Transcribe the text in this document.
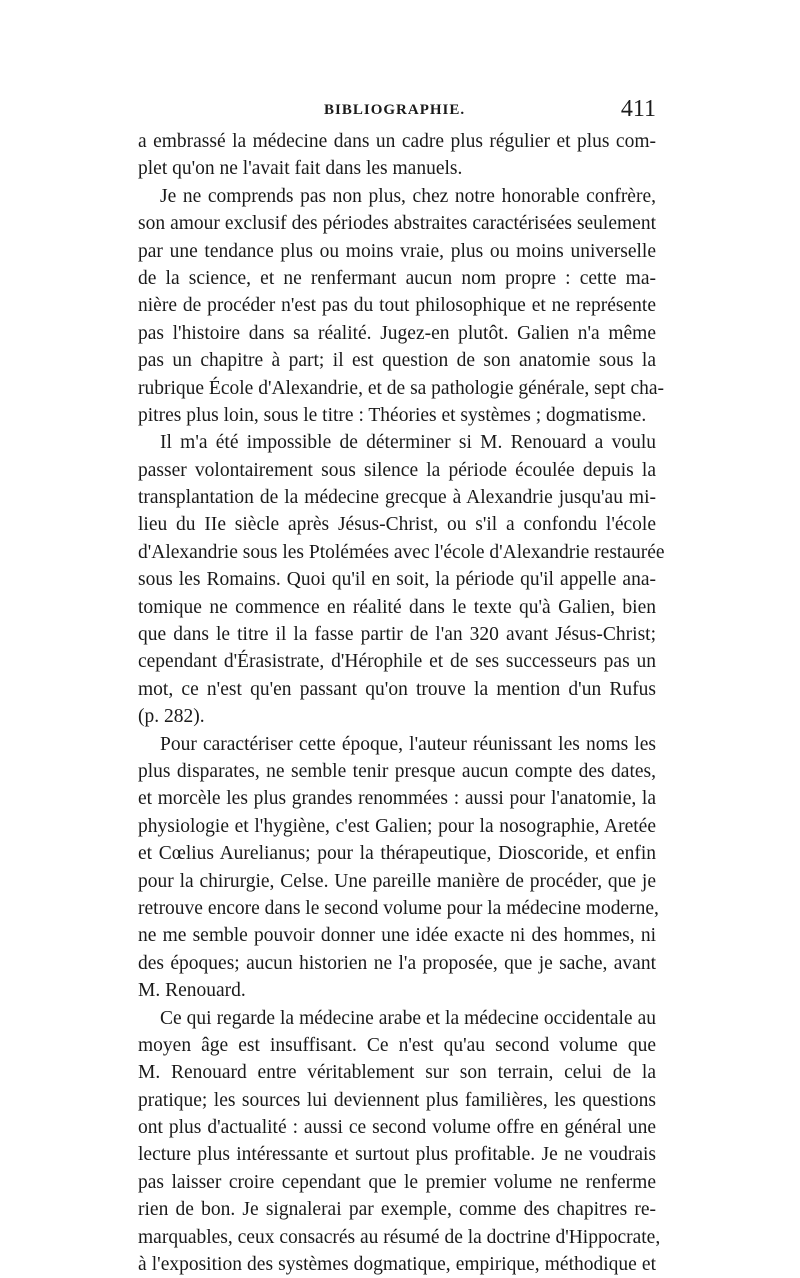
BIBLIOGRAPHIE.	411
a embrassé la médecine dans un cadre plus régulier et plus com-
plet qu'on ne l'avait fait dans les manuels.
Je ne comprends pas non plus, chez notre honorable confrère,
son amour exclusif des périodes abstraites caractérisées seulement
par une tendance plus ou moins vraie, plus ou moins universelle
de la science, et ne renfermant aucun nom propre : cette ma-
nière de procéder n'est pas du tout philosophique et ne représente
pas l'histoire dans sa réalité. Jugez-en plutôt. Galien n'a même
pas un chapitre à part; il est question de son anatomie sous la
rubrique École d'Alexandrie, et de sa pathologie générale, sept cha-
pitres plus loin, sous le titre : Théories et systèmes ; dogmatisme.
Il m'a été impossible de déterminer si M. Renouard a voulu
passer volontairement sous silence la période écoulée depuis la
transplantation de la médecine grecque à Alexandrie jusqu'au mi-
lieu du IIe siècle après Jésus-Christ, ou s'il a confondu l'école
d'Alexandrie sous les Ptolémées avec l'école d'Alexandrie restaurée
sous les Romains. Quoi qu'il en soit, la période qu'il appelle ana-
tomique ne commence en réalité dans le texte qu'à Galien, bien
que dans le titre il la fasse partir de l'an 320 avant Jésus-Christ;
cependant d'Érasistrate, d'Hérophile et de ses successeurs pas un
mot, ce n'est qu'en passant qu'on trouve la mention d'un Rufus
(p. 282).
Pour caractériser cette époque, l'auteur réunissant les noms les
plus disparates, ne semble tenir presque aucun compte des dates,
et morcèle les plus grandes renommées : aussi pour l'anatomie, la
physiologie et l'hygiène, c'est Galien; pour la nosographie, Aretée
et Cœlius Aurelianus; pour la thérapeutique, Dioscoride, et enfin
pour la chirurgie, Celse. Une pareille manière de procéder, que je
retrouve encore dans le second volume pour la médecine moderne,
ne me semble pouvoir donner une idée exacte ni des hommes, ni
des époques; aucun historien ne l'a proposée, que je sache, avant
M. Renouard.
Ce qui regarde la médecine arabe et la médecine occidentale au
moyen âge est insuffisant. Ce n'est qu'au second volume que
M. Renouard entre véritablement sur son terrain, celui de la
pratique; les sources lui deviennent plus familières, les questions
ont plus d'actualité : aussi ce second volume offre en général une
lecture plus intéressante et surtout plus profitable. Je ne voudrais
pas laisser croire cependant que le premier volume ne renferme
rien de bon. Je signalerai par exemple, comme des chapitres re-
marquables, ceux consacrés au résumé de la doctrine d'Hippocrate,
à l'exposition des systèmes dogmatique, empirique, méthodique et
